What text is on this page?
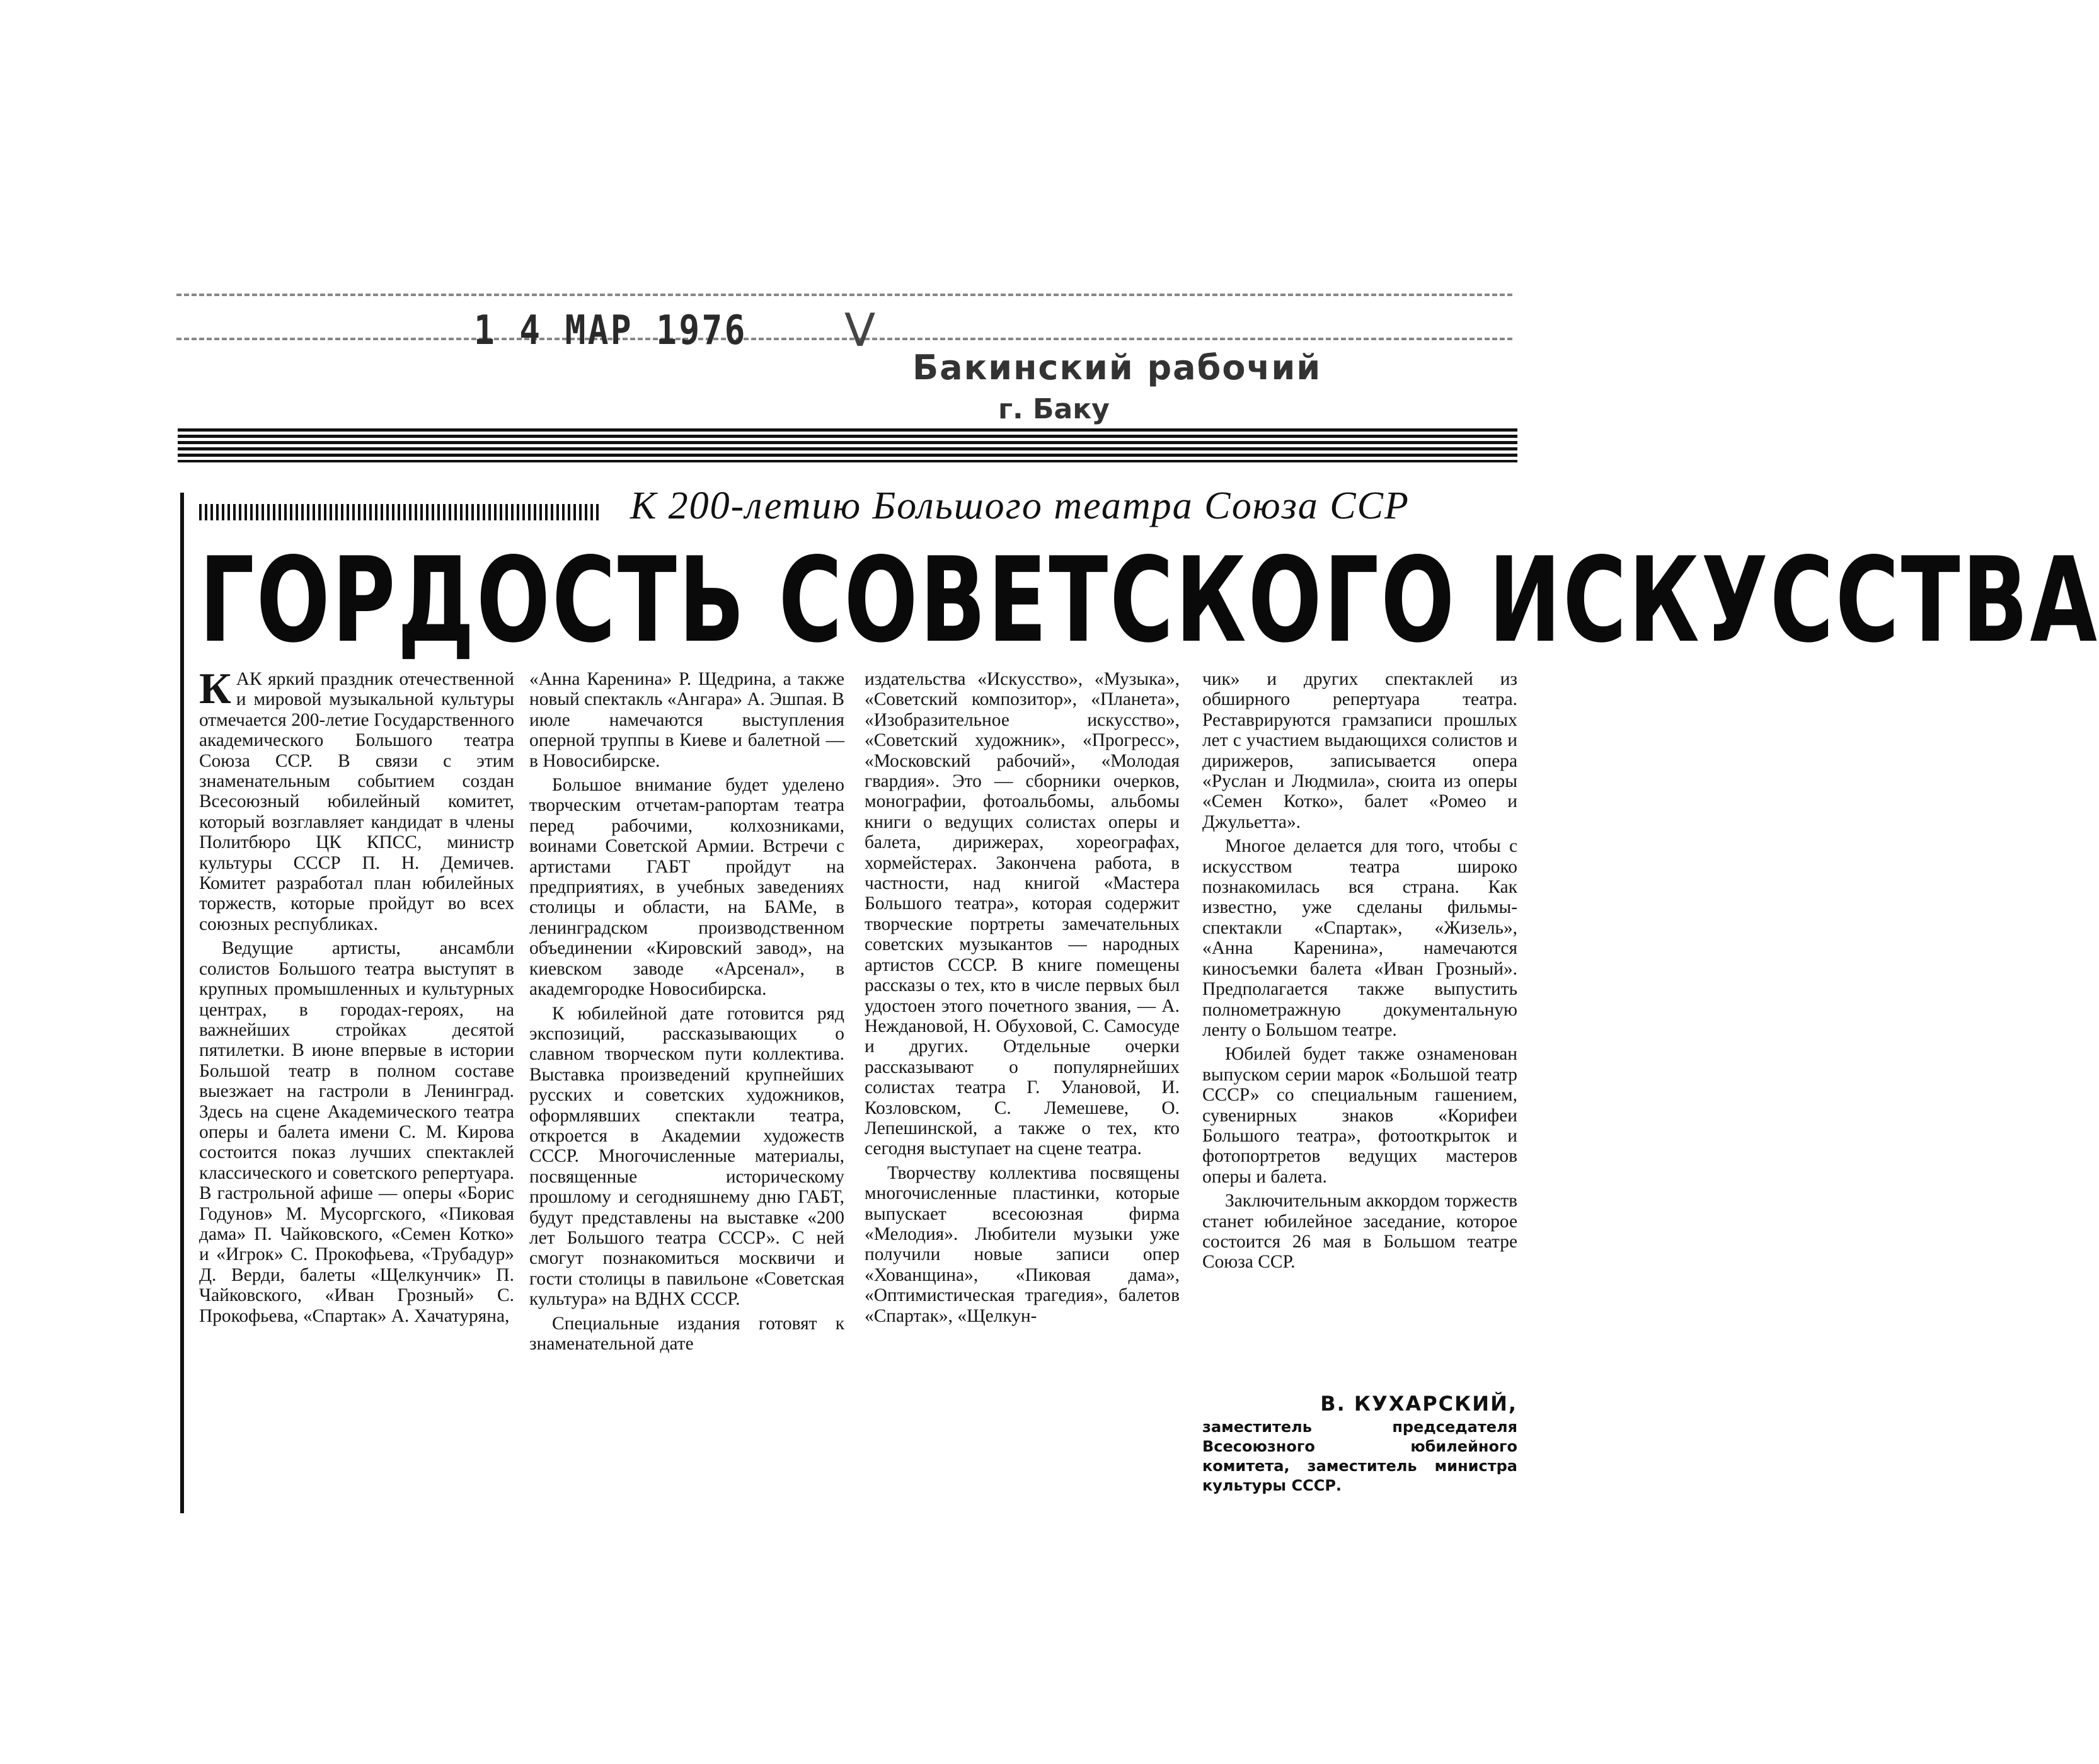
1 4 МАР 1976 ᐯ
Бакинский рабочий
г. Баку
К 200-летию Большого театра Союза ССР
ГОРДОСТЬ СОВЕТСКОГО ИСКУССТВА

КАК яркий праздник отечественной и мировой музыкальной культуры отмечается 200-летие Государственного академического Большого театра Союза ССР. В связи с этим знаменательным событием создан Всесоюзный юбилейный комитет, который возглавляет кандидат в члены Политбюро ЦК КПСС, министр культуры СССР П. Н. Демичев. Комитет разработал план юбилейных торжеств, которые пройдут во всех союзных республиках.

Ведущие артисты, ансамбли солистов Большого театра выступят в крупных промышленных и культурных центрах, в городах-героях, на важнейших стройках десятой пятилетки. В июне впервые в истории Большой театр в полном составе выезжает на гастроли в Ленинград. Здесь на сцене Академического театра оперы и балета имени С. М. Кирова состоится показ лучших спектаклей классического и советского репертуара. В гастрольной афише — оперы «Борис Годунов» М. Мусоргского, «Пиковая дама» П. Чайковского, «Семен Котко» и «Игрок» С. Прокофьева, «Трубадур» Д. Верди, балеты «Щелкунчик» П. Чайковского, «Иван Грозный» С. Прокофьева, «Спартак» А. Хачатуряна,

«Анна Каренина» Р. Щедрина, а также новый спектакль «Ангара» А. Эшпая. В июле намечаются выступления оперной труппы в Киеве и балетной — в Новосибирске.

Большое внимание будет уделено творческим отчетам-рапортам театра перед рабочими, колхозниками, воинами Советской Армии. Встречи с артистами ГАБТ пройдут на предприятиях, в учебных заведениях столицы и области, на БАМе, в ленинградском производственном объединении «Кировский завод», на киевском заводе «Арсенал», в академгородке Новосибирска.

К юбилейной дате готовится ряд экспозиций, рассказывающих о славном творческом пути коллектива. Выставка произведений крупнейших русских и советских художников, оформлявших спектакли театра, откроется в Академии художеств СССР. Многочисленные материалы, посвященные историческому прошлому и сегодняшнему дню ГАБТ, будут представлены на выставке «200 лет Большого театра СССР». С ней смогут познакомиться москвичи и гости столицы в павильоне «Советская культура» на ВДНХ СССР.

Специальные издания готовят к знаменательной дате

издательства «Искусство», «Музыка», «Советский композитор», «Планета», «Изобразительное искусство», «Советский художник», «Прогресс», «Московский рабочий», «Молодая гвардия». Это — сборники очерков, монографии, фотоальбомы, альбомы книги о ведущих солистах оперы и балета, дирижерах, хореографах, хормейстерах. Закончена работа, в частности, над книгой «Мастера Большого театра», которая содержит творческие портреты замечательных советских музыкантов — народных артистов СССР. В книге помещены рассказы о тех, кто в числе первых был удостоен этого почетного звания, — А. Неждановой, Н. Обуховой, С. Самосуде и других. Отдельные очерки рассказывают о популярнейших солистах театра Г. Улановой, И. Козловском, С. Лемешеве, О. Лепешинской, а также о тех, кто сегодня выступает на сцене театра.

Творчеству коллектива посвящены многочисленные пластинки, которые выпускает всесоюзная фирма «Мелодия». Любители музыки уже получили новые записи опер «Хованщина», «Пиковая дама», «Оптимистическая трагедия», балетов «Спартак», «Щелкун-

чик» и других спектаклей из обширного репертуара театра. Реставрируются грамзаписи прошлых лет с участием выдающихся солистов и дирижеров, записывается опера «Руслан и Людмила», сюита из оперы «Семен Котко», балет «Ромео и Джульетта».

Многое делается для того, чтобы с искусством театра широко познакомилась вся страна. Как известно, уже сделаны фильмы-спектакли «Спартак», «Жизель», «Анна Каренина», намечаются киносъемки балета «Иван Грозный». Предполагается также выпустить полнометражную документальную ленту о Большом театре.

Юбилей будет также ознаменован выпуском серии марок «Большой театр СССР» со специальным гашением, сувенирных знаков «Корифеи Большого театра», фотооткрыток и фотопортретов ведущих мастеров оперы и балета.

Заключительным аккордом торжеств станет юбилейное заседание, которое состоится 26 мая в Большом театре Союза ССР.

В. КУХАРСКИЙ,
заместитель председателя Всесоюзного юбилейного комитета, заместитель министра культуры СССР.
